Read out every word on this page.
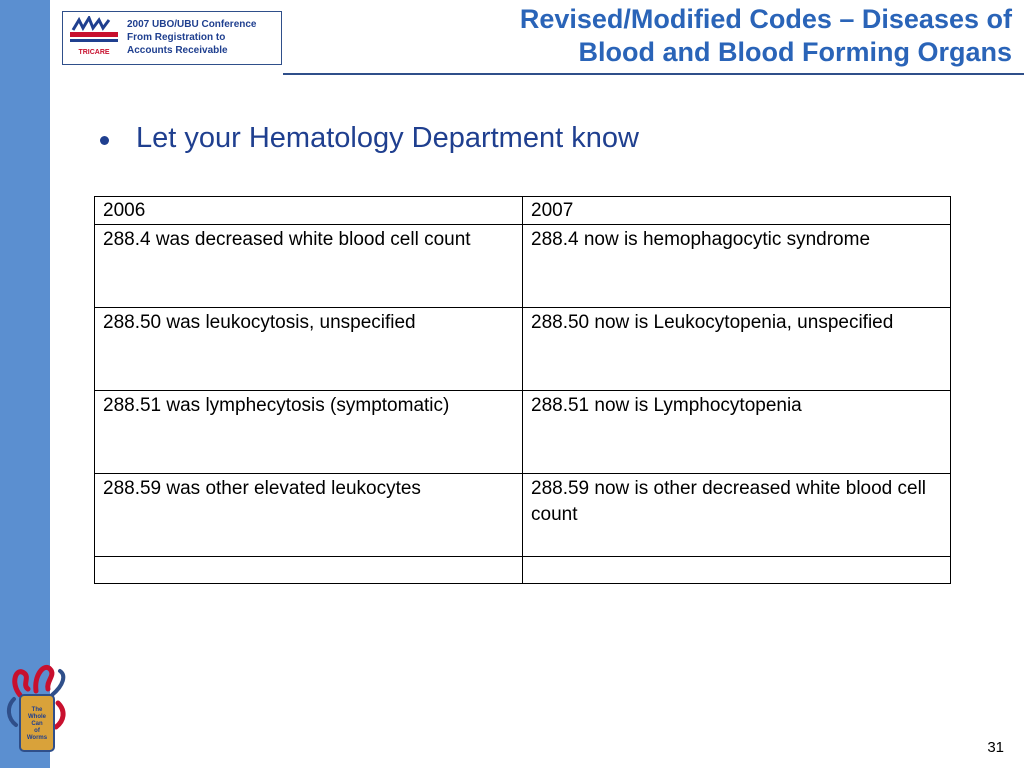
TRICARE
2007 UBO/UBU Conference
From Registration to
Accounts Receivable
Revised/Modified Codes – Diseases of
Blood and Blood Forming Organs
Let your Hematology Department know
2006	2007
288.4 was decreased white blood cell count	288.4 now is hemophagocytic syndrome
288.50 was leukocytosis, unspecified	288.50 now is Leukocytopenia, unspecified
288.51 was lymphecytosis (symptomatic)	288.51 now is Lymphocytopenia
288.59 was other elevated leukocytes	288.59 now is other decreased white blood cell count

The
Whole
Can
of
Worms
31
